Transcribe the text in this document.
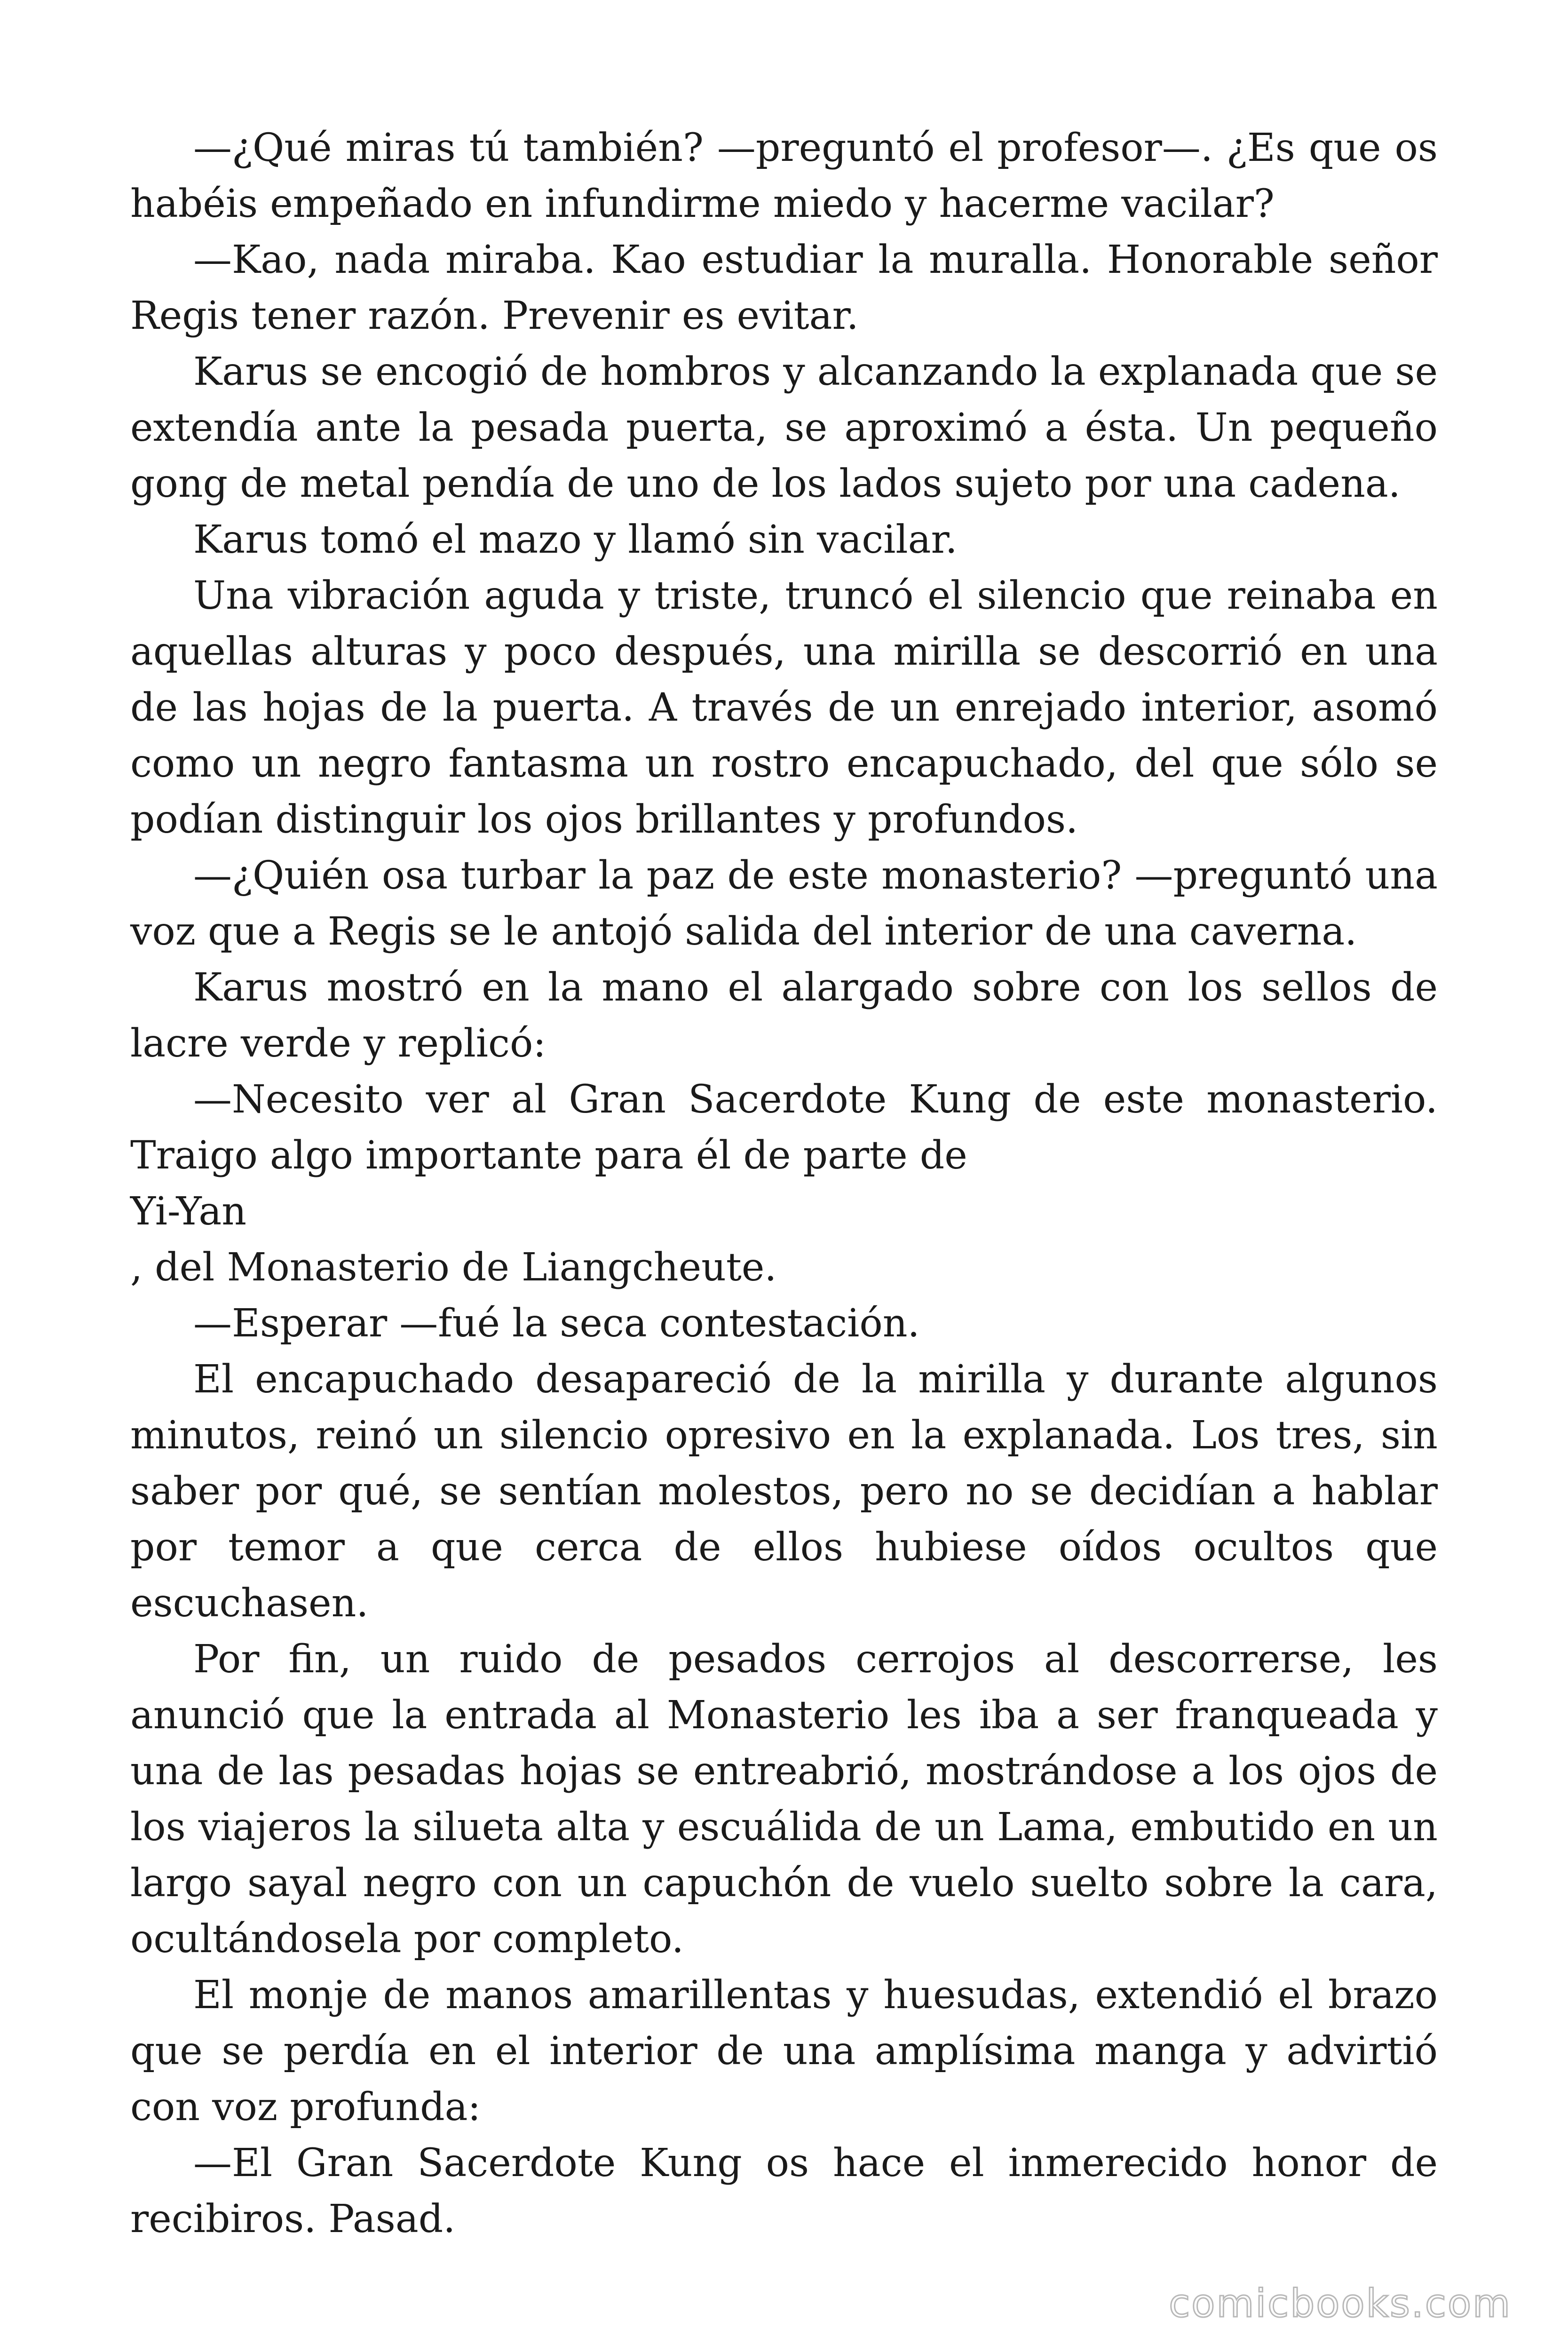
—¿Qué miras tú también? —preguntó el profesor—. ¿Es que os habéis empeñado en infundirme miedo y hacerme vacilar?

—Kao, nada miraba. Kao estudiar la muralla. Honorable señor Regis tener razón. Prevenir es evitar.

Karus se encogió de hombros y alcanzando la explanada que se extendía ante la pesada puerta, se aproximó a ésta. Un pequeño gong de metal pendía de uno de los lados sujeto por una cadena.

Karus tomó el mazo y llamó sin vacilar.

Una vibración aguda y triste, truncó el silencio que reinaba en aquellas alturas y poco después, una mirilla se descorrió en una de las hojas de la puerta. A través de un enrejado interior, asomó como un negro fantasma un rostro encapuchado, del que sólo se podían distinguir los ojos brillantes y profundos.

—¿Quién osa turbar la paz de este monasterio? —preguntó una voz que a Regis se le antojó salida del interior de una caverna.

Karus mostró en la mano el alargado sobre con los sellos de lacre verde y replicó:

—Necesito ver al Gran Sacerdote Kung de este monasterio. Traigo algo importante para él de parte de

Yi-Yan

, del Monasterio de Liangcheute.

—Esperar —fué la seca contestación.

El encapuchado desapareció de la mirilla y durante algunos minutos, reinó un silencio opresivo en la explanada. Los tres, sin saber por qué, se sentían molestos, pero no se decidían a hablar por temor a que cerca de ellos hubiese oídos ocultos que escuchasen.

Por fin, un ruido de pesados cerrojos al descorrerse, les anunció que la entrada al Monasterio les iba a ser franqueada y una de las pesadas hojas se entreabrió, mostrándose a los ojos de los viajeros la silueta alta y escuálida de un Lama, embutido en un largo sayal negro con un capuchón de vuelo suelto sobre la cara, ocultándosela por completo.

El monje de manos amarillentas y huesudas, extendió el brazo que se perdía en el interior de una amplísima manga y advirtió con voz profunda:

—El Gran Sacerdote Kung os hace el inmerecido honor de recibiros. Pasad.

comicbooks.com
